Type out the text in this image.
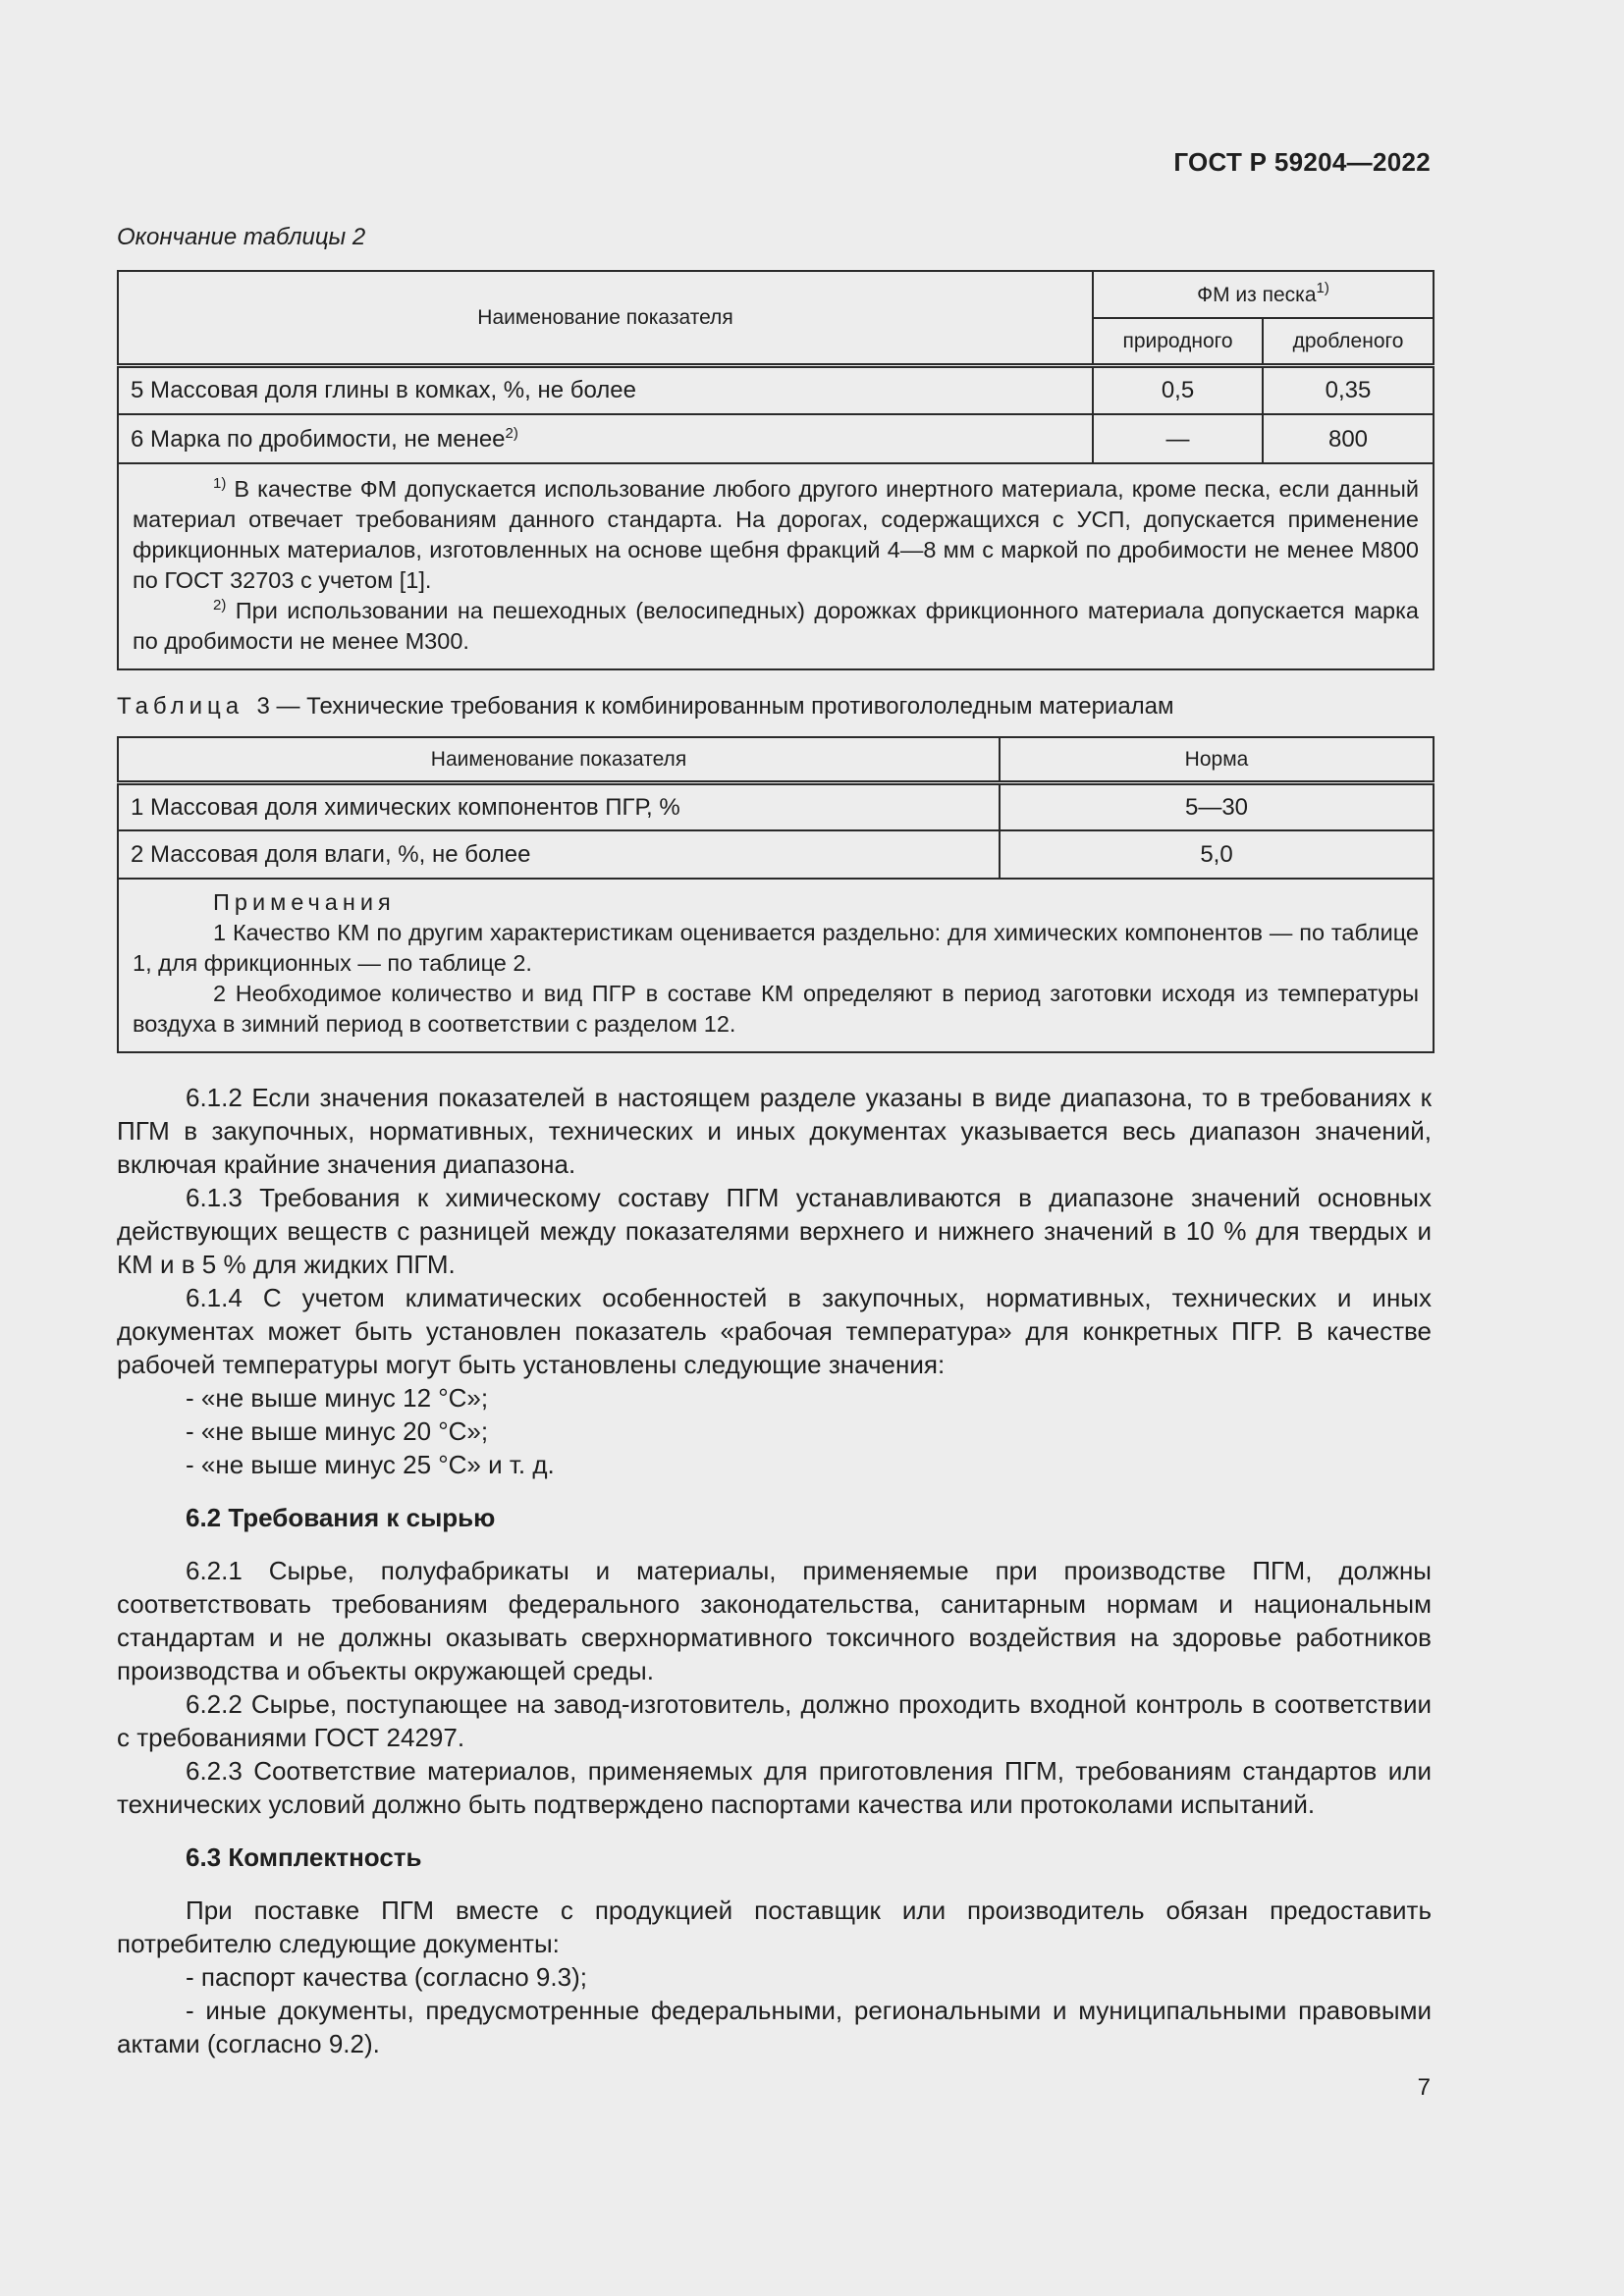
ГОСТ Р 59204—2022
Окончание таблицы 2
Наименование показателя	ФМ из песка$^{1)}$
	природного	дробленого
5 Массовая доля глины в комках, %, не более	0,5	0,35
6 Марка по дробимости, не менее$^{2)}$	—	800

$^{1)}$ В качестве ФМ допускается использование любого другого инертного материала, кроме песка, если данный материал отвечает требованиям данного стандарта. На дорогах, содержащихся с УСП, допускается применение фрикционных материалов, изготовленных на основе щебня фракций 4—8 мм с маркой по дробимости не менее М800 по ГОСТ 32703 с учетом [1].

$^{2)}$ При использовании на пешеходных (велосипедных) дорожках фрикционного материала допускается марка по дробимости не менее М300.		

Таблица 3 — Технические требования к комбинированным противогололедным материалам
Наименование показателя	Норма
1 Массовая доля химических компонентов ПГР, %	5—30
2 Массовая доля влаги, %, не более	5,0

Примечания

1 Качество КМ по другим характеристикам оценивается раздельно: для химических компонентов — по таблице 1, для фрикционных — по таблице 2.

2 Необходимое количество и вид ПГР в составе КМ определяют в период заготовки исходя из температуры воздуха в зимний период в соответствии с разделом 12.	

6.1.2 Если значения показателей в настоящем разделе указаны в виде диапазона, то в требованиях к ПГМ в закупочных, нормативных, технических и иных документах указывается весь диапазон значений, включая крайние значения диапазона.

6.1.3 Требования к химическому составу ПГМ устанавливаются в диапазоне значений основных действующих веществ с разницей между показателями верхнего и нижнего значений в 10 % для твердых и КМ и в 5 % для жидких ПГМ.

6.1.4 С учетом климатических особенностей в закупочных, нормативных, технических и иных документах может быть установлен показатель «рабочая температура» для конкретных ПГР. В качестве рабочей температуры могут быть установлены следующие значения:

- «не выше минус 12 °С»;

- «не выше минус 20 °С»;

- «не выше минус 25 °С» и т. д.

6.2 Требования к сырью

6.2.1 Сырье, полуфабрикаты и материалы, применяемые при производстве ПГМ, должны соответствовать требованиям федерального законодательства, санитарным нормам и национальным стандартам и не должны оказывать сверхнормативного токсичного воздействия на здоровье работников производства и объекты окружающей среды.

6.2.2 Сырье, поступающее на завод-изготовитель, должно проходить входной контроль в соответствии с требованиями ГОСТ 24297.

6.2.3 Соответствие материалов, применяемых для приготовления ПГМ, требованиям стандартов или технических условий должно быть подтверждено паспортами качества или протоколами испытаний.

6.3 Комплектность

При поставке ПГМ вместе с продукцией поставщик или производитель обязан предоставить потребителю следующие документы:

- паспорт качества (согласно 9.3);

- иные документы, предусмотренные федеральными, региональными и муниципальными правовыми актами (согласно 9.2).

7
